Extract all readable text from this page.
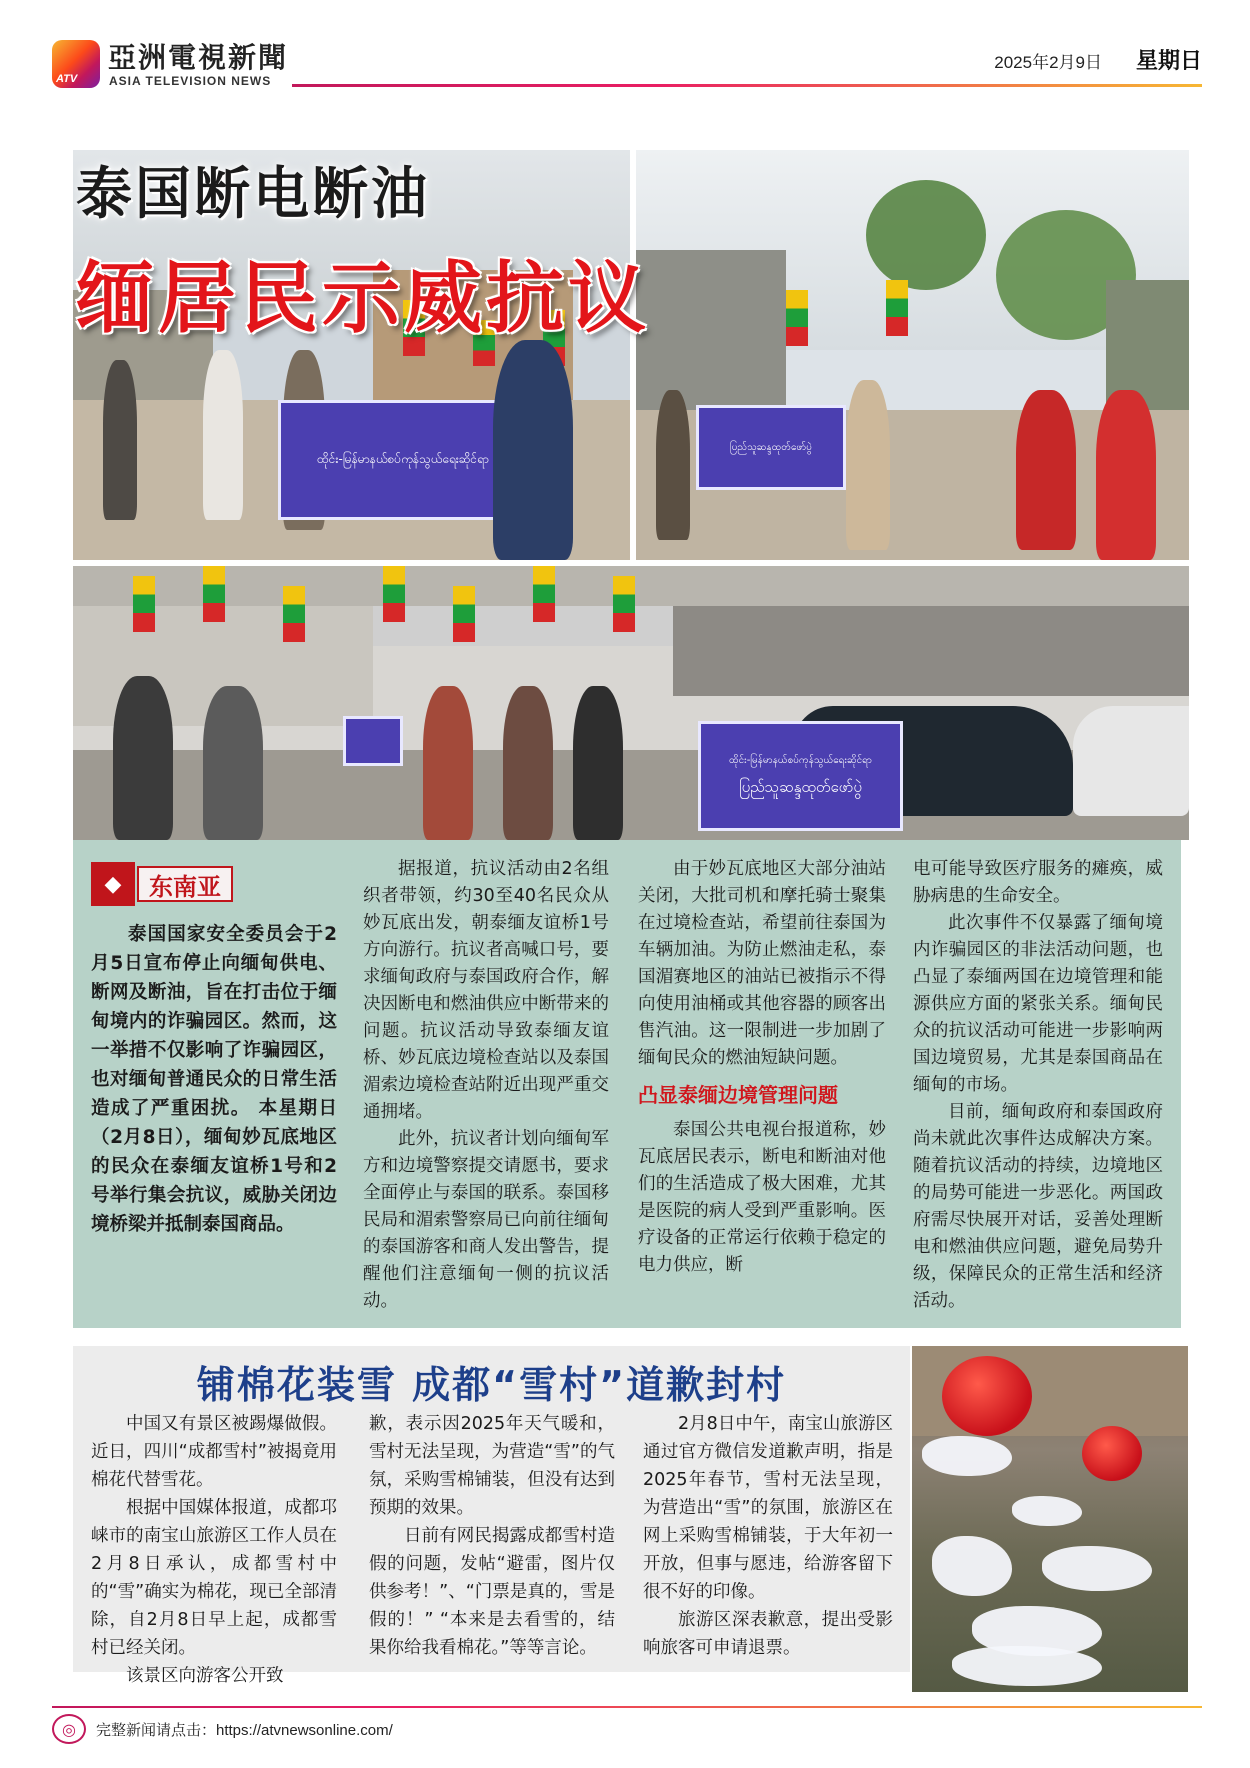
ATV
亞洲電視新聞
ASIA TELEVISION NEWS
2025年2月9日 星期日
ထိုင်း-မြန်မာနယ်စပ်ကုန်သွယ်ရေးဆိုင်ရာ
ပြည်သူဆန္ဒထုတ်ဖော်ပွဲ
泰国断电断油
缅居民示威抗议
ထိုင်း-မြန်မာနယ်စပ်ကုန်သွယ်ရေးဆိုင်ရာ
ပြည်သူဆန္ဒထုတ်ဖော်ပွဲ
◆	东南亚

泰国国家安全委员会于2月5日宣布停止向缅甸供电、断网及断油，旨在打击位于缅甸境内的诈骗园区。然而，这一举措不仅影响了诈骗园区，也对缅甸普通民众的日常生活造成了严重困扰。 本星期日（2月8日），缅甸妙瓦底地区的民众在泰缅友谊桥1号和2号举行集会抗议，威胁关闭边境桥梁并抵制泰国商品。

据报道，抗议活动由2名组织者带领，约30至40名民众从妙瓦底出发，朝泰缅友谊桥1号方向游行。抗议者高喊口号，要求缅甸政府与泰国政府合作，解决因断电和燃油供应中断带来的问题。抗议活动导致泰缅友谊桥、妙瓦底边境检查站以及泰国湄索边境检查站附近出现严重交通拥堵。

此外，抗议者计划向缅甸军方和边境警察提交请愿书，要求全面停止与泰国的联系。泰国移民局和湄索警察局已向前往缅甸的泰国游客和商人发出警告，提醒他们注意缅甸一侧的抗议活动。

由于妙瓦底地区大部分油站关闭，大批司机和摩托骑士聚集在过境检查站，希望前往泰国为车辆加油。为防止燃油走私，泰国湄赛地区的油站已被指示不得向使用油桶或其他容器的顾客出售汽油。这一限制进一步加剧了缅甸民众的燃油短缺问题。

凸显泰缅边境管理问题

泰国公共电视台报道称，妙瓦底居民表示，断电和断油对他们的生活造成了极大困难，尤其是医院的病人受到严重影响。医疗设备的正常运行依赖于稳定的电力供应，断

电可能导致医疗服务的瘫痪，威胁病患的生命安全。

此次事件不仅暴露了缅甸境内诈骗园区的非法活动问题，也凸显了泰缅两国在边境管理和能源供应方面的紧张关系。缅甸民众的抗议活动可能进一步影响两国边境贸易，尤其是泰国商品在缅甸的市场。

目前，缅甸政府和泰国政府尚未就此次事件达成解决方案。随着抗议活动的持续，边境地区的局势可能进一步恶化。两国政府需尽快展开对话，妥善处理断电和燃油供应问题，避免局势升级，保障民众的正常生活和经济活动。

铺棉花装雪 成都“雪村”道歉封村

中国又有景区被踢爆做假。近日，四川“成都雪村”被揭竟用棉花代替雪花。

根据中国媒体报道，成都邛崃市的南宝山旅游区工作人员在2月8日承认，成都雪村中的“雪”确实为棉花，现已全部清除，自2月8日早上起，成都雪村已经关闭。

该景区向游客公开致

歉，表示因2025年天气暖和，雪村无法呈现，为营造“雪”的气氛，采购雪棉铺装，但没有达到预期的效果。

日前有网民揭露成都雪村造假的问题，发帖“避雷，图片仅供参考！”、“门票是真的，雪是假的！” “本来是去看雪的，结果你给我看棉花。”等等言论。

2月8日中午，南宝山旅游区通过官方微信发道歉声明，指是2025年春节，雪村无法呈现，为营造出“雪”的氛围，旅游区在网上采购雪棉铺装，于大年初一开放，但事与愿违，给游客留下很不好的印像。

旅游区深表歉意，提出受影响旅客可申请退票。

◎	完整新闻请点击：https://atvnewsonline.com/
